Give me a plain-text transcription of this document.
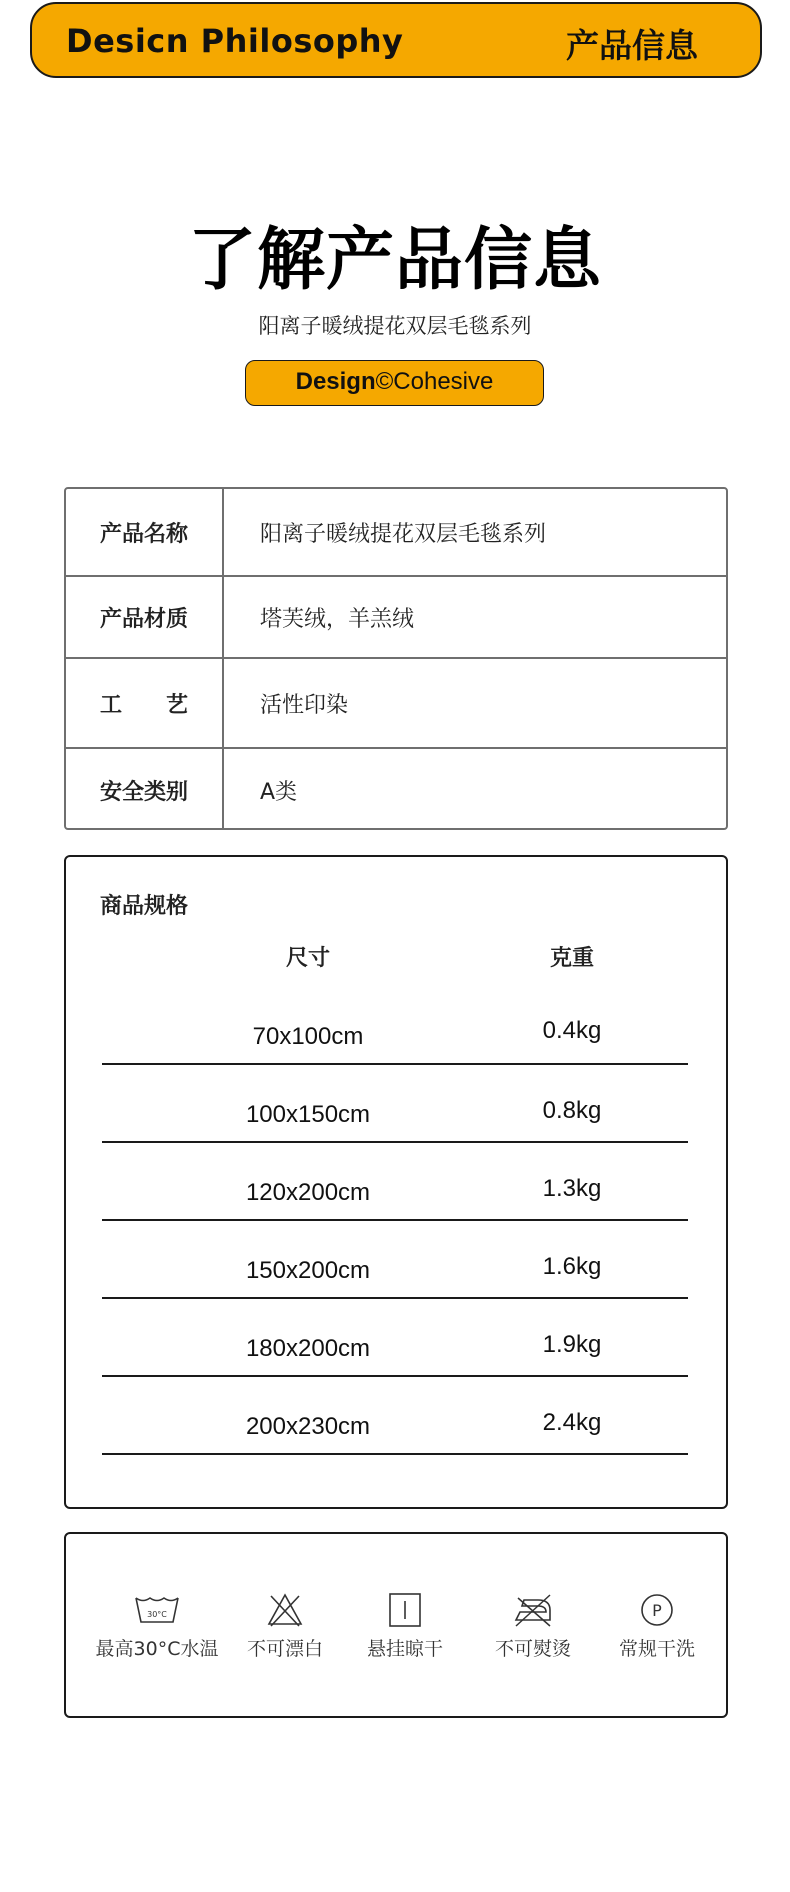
Desicn Philosophy	产品信息
了解产品信息
阳离子暖绒提花双层毛毯系列
Design©Cohesive
产品名称	阳离子暖绒提花双层毛毯系列
产品材质	塔芙绒，羊羔绒
工　　艺	活性印染
安全类别	A类
商品规格
尺寸	克重
70x100cm	0.4kg
100x150cm	0.8kg
120x200cm	1.3kg
150x200cm	1.6kg
180x200cm	1.9kg
200x230cm	2.4kg
30°C
最高30°C水温	不可漂白	悬挂晾干	不可熨烫
P
常规干洗
